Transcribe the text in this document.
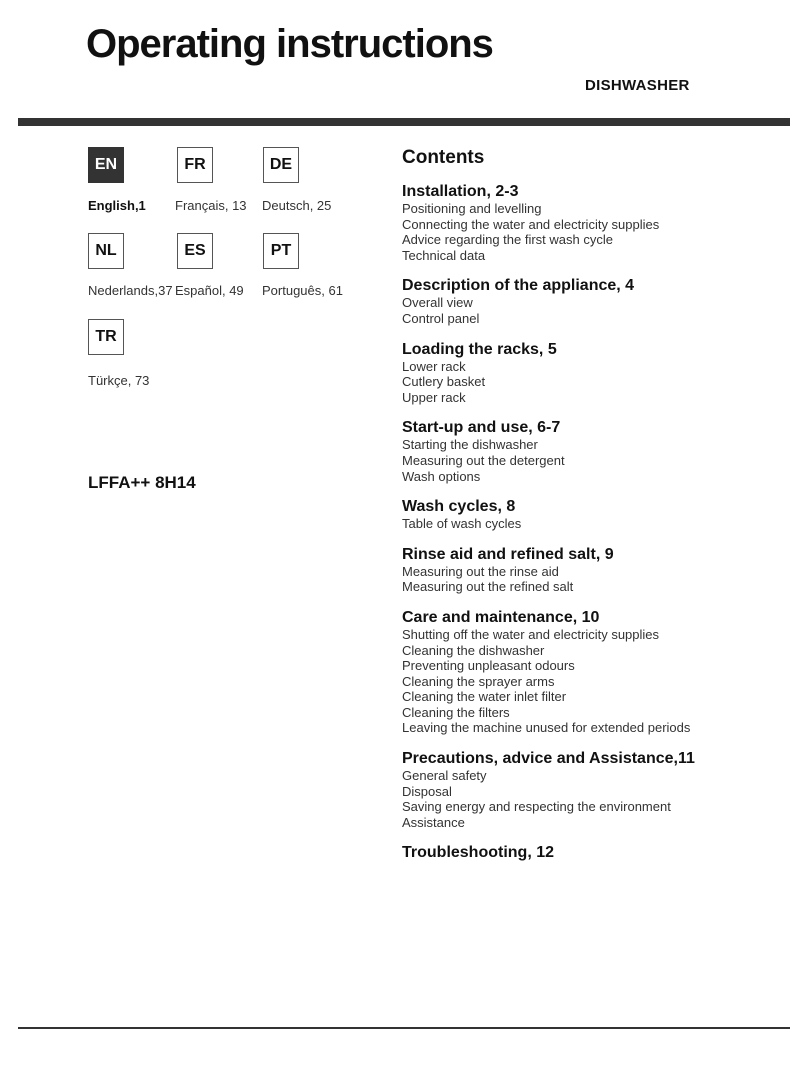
Operating instructions
DISHWASHER
EN
English,1
FR
Français, 13
DE
Deutsch, 25
NL
Nederlands,37
ES
Español, 49
PT
Português, 61
TR
Türkçe, 73
LFFA++ 8H14
Contents
Installation, 2-3
Positioning and levelling
Connecting the water and electricity supplies
Advice regarding the first wash cycle
Technical data
Description of the appliance, 4
Overall view
Control panel
Loading the racks, 5
Lower rack
Cutlery basket
Upper rack
Start-up and use, 6-7
Starting the dishwasher
Measuring out the detergent
Wash options
Wash cycles, 8
Table of wash cycles
Rinse aid and refined salt, 9
Measuring out the rinse aid
Measuring out the refined salt
Care and maintenance, 10
Shutting off the water and electricity supplies
Cleaning the dishwasher
Preventing unpleasant odours
Cleaning the sprayer arms
Cleaning the water inlet filter
Cleaning the filters
Leaving the machine unused for extended periods
Precautions, advice and Assistance,11
General safety
Disposal
Saving energy and respecting the environment
Assistance
Troubleshooting, 12
